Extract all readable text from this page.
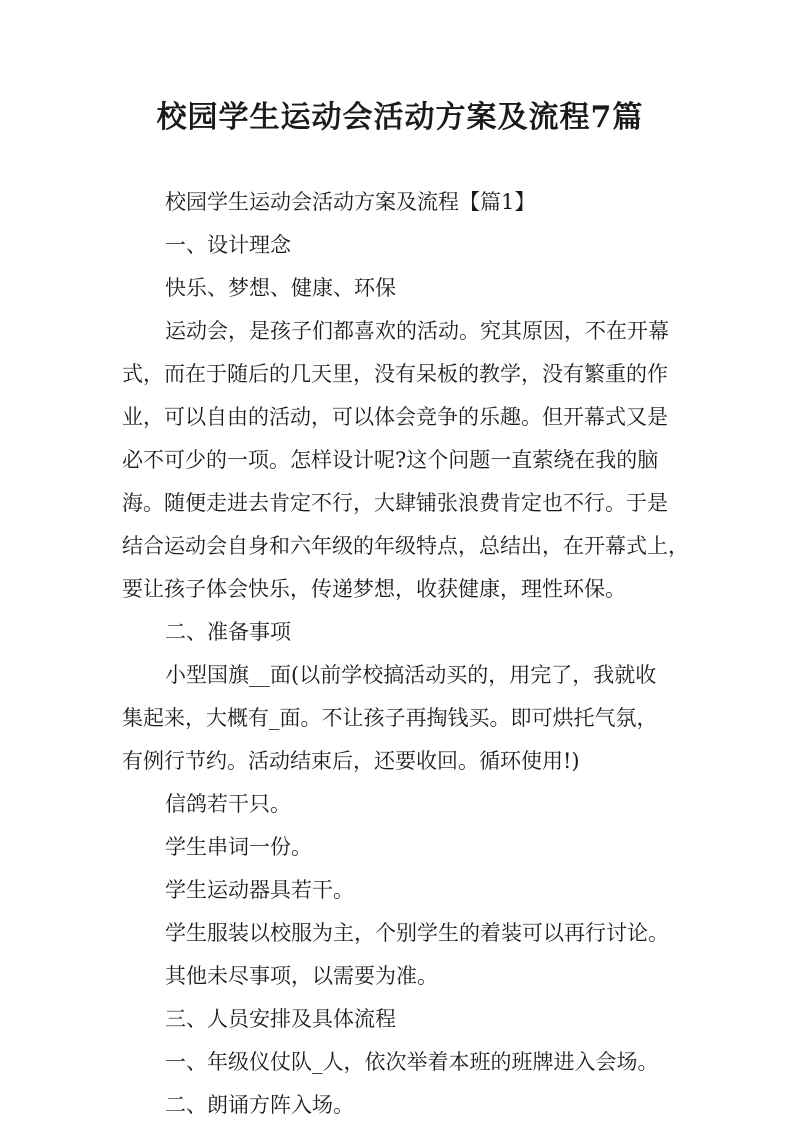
校园学生运动会活动方案及流程7篇

校园学生运动会活动方案及流程【篇1】

一、设计理念

快乐、梦想、健康、环保

运动会，是孩子们都喜欢的活动。究其原因，不在开幕

式，而在于随后的几天里，没有呆板的教学，没有繁重的作

业，可以自由的活动，可以体会竞争的乐趣。但开幕式又是

必不可少的一项。怎样设计呢?这个问题一直萦绕在我的脑

海。随便走进去肯定不行，大肆铺张浪费肯定也不行。于是

结合运动会自身和六年级的年级特点，总结出，在开幕式上，

要让孩子体会快乐，传递梦想，收获健康，理性环保。

二、准备事项

小型国旗__面(以前学校搞活动买的，用完了，我就收

集起来，大概有_面。不让孩子再掏钱买。即可烘托气氛，

有例行节约。活动结束后，还要收回。循环使用!)

信鸽若干只。

学生串词一份。

学生运动器具若干。

学生服装以校服为主，个别学生的着装可以再行讨论。

其他未尽事项，以需要为准。

三、人员安排及具体流程

一、年级仪仗队_人，依次举着本班的班牌进入会场。

二、朗诵方阵入场。
